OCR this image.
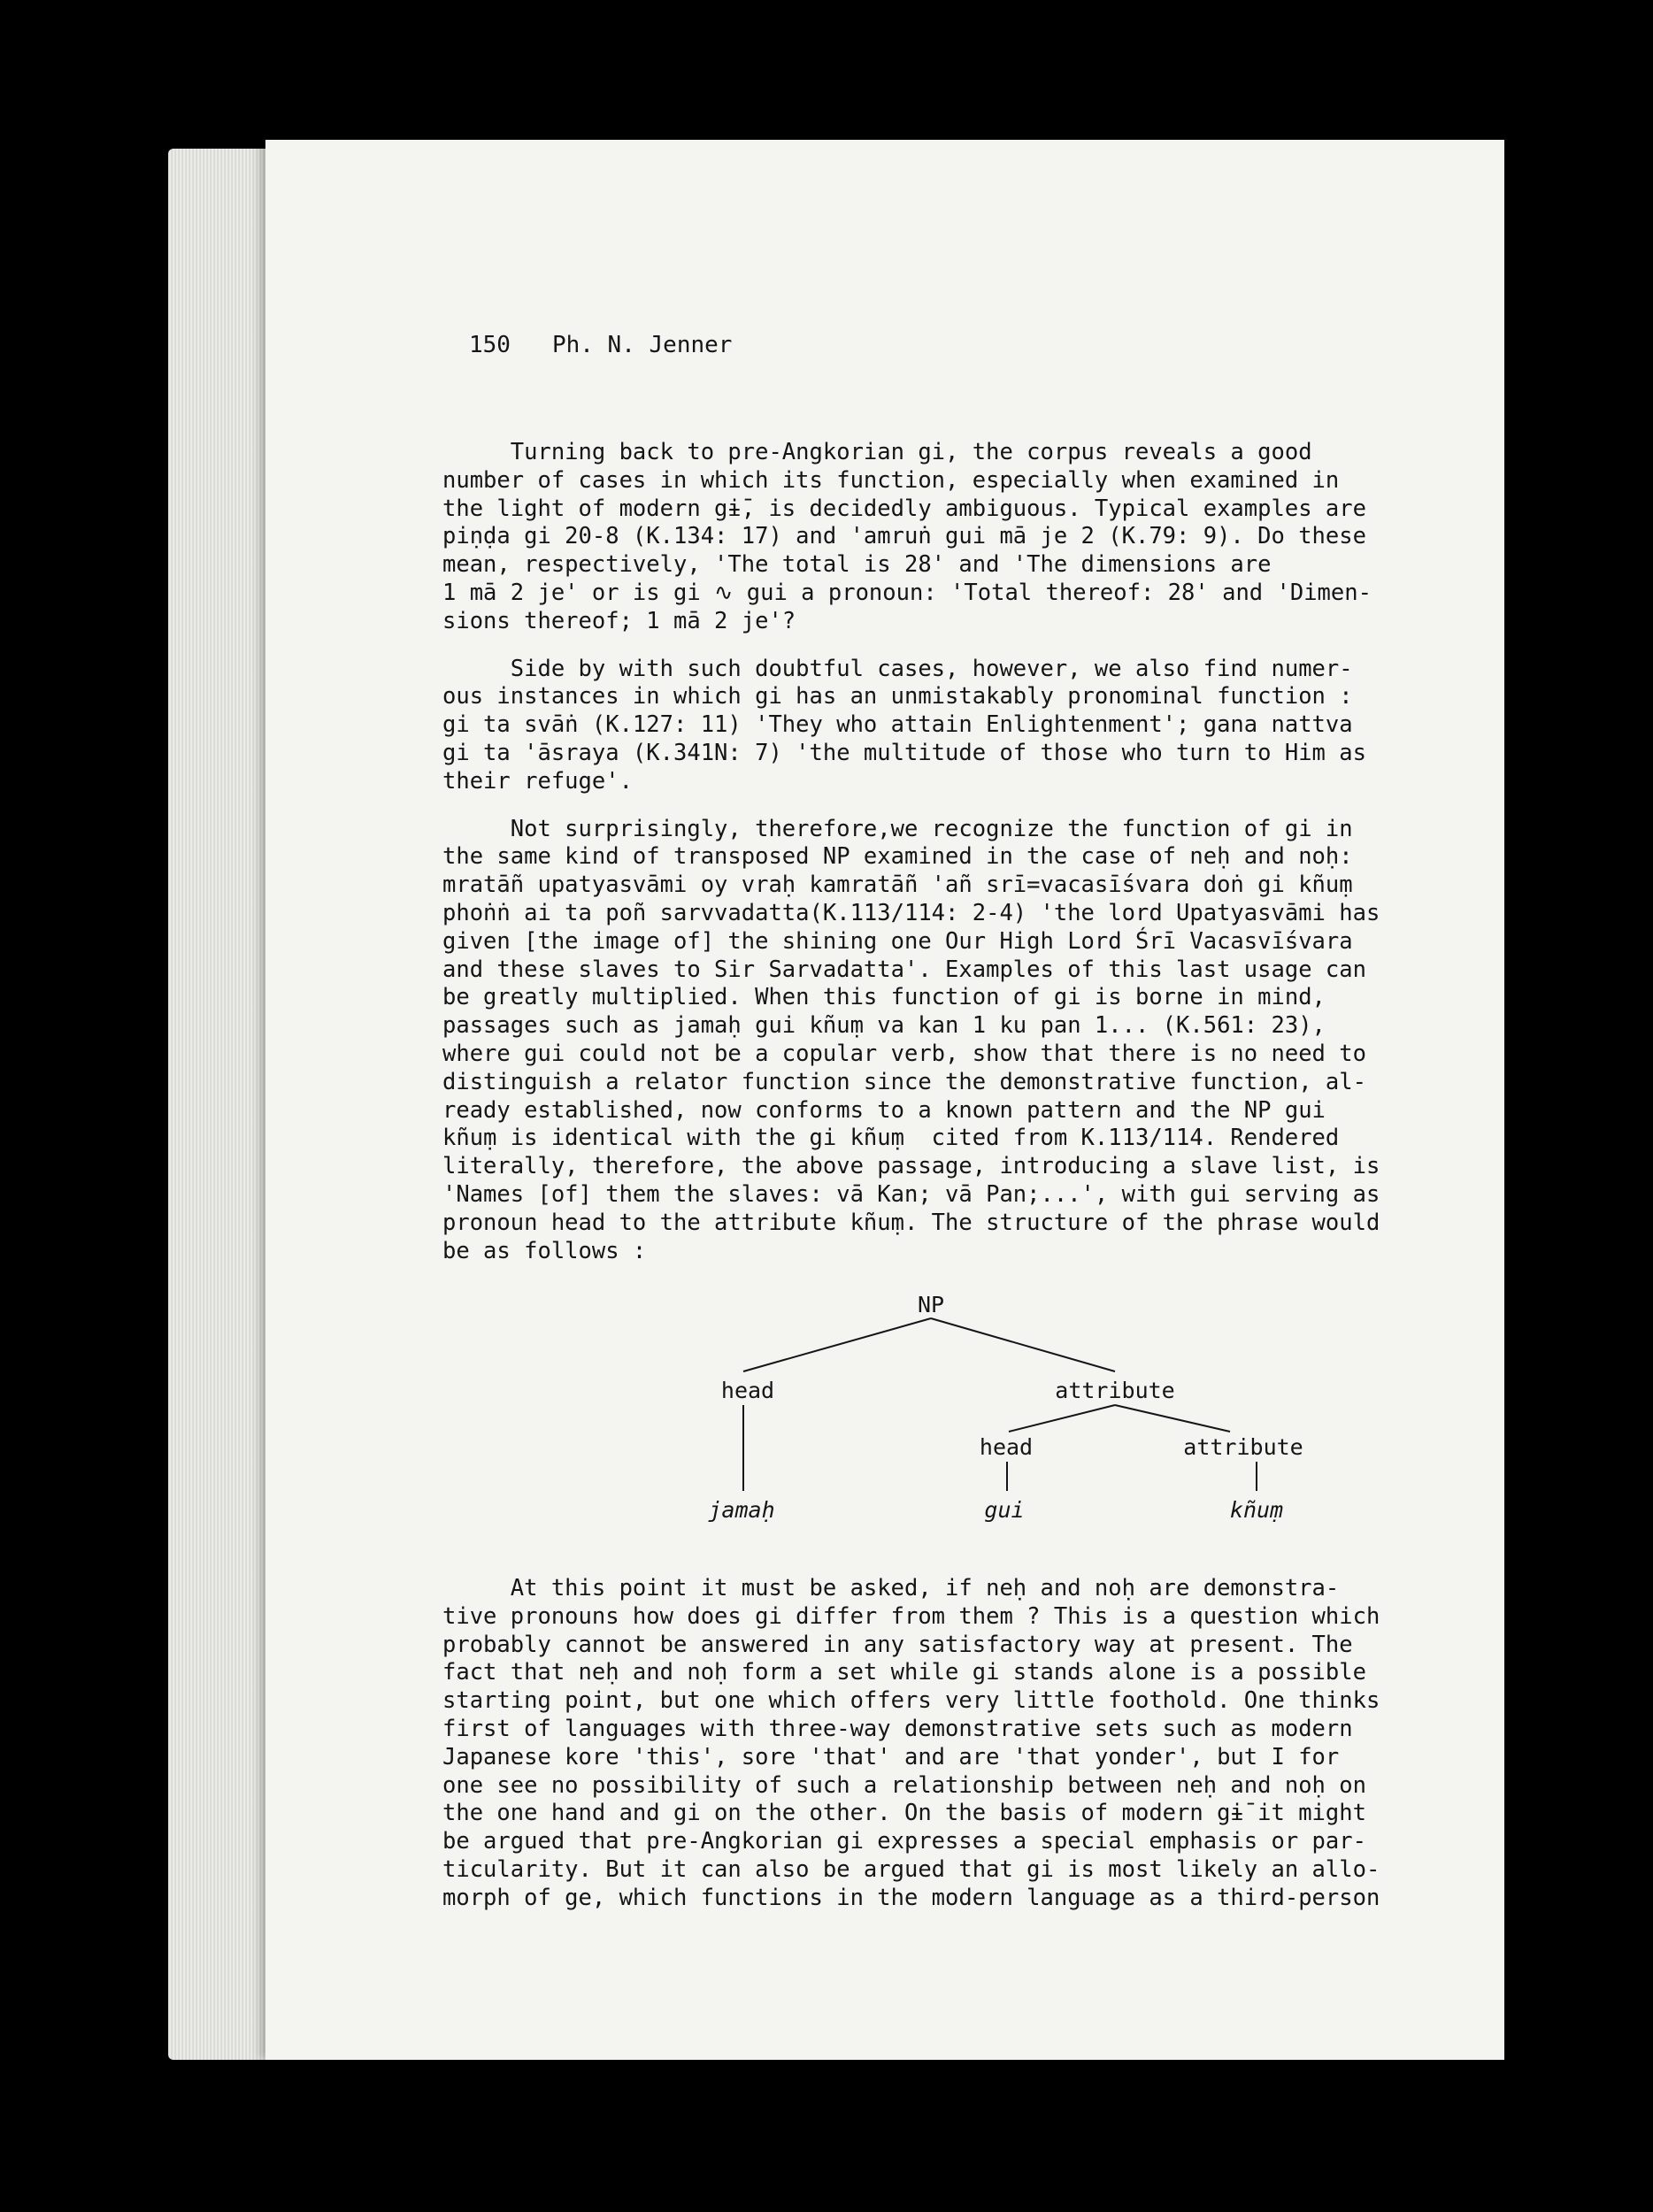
150 Ph. N. Jenner
Turning back to pre-Angkorian gi, the corpus reveals a good
number of cases in which its function, especially when examined in
the light of modern gɨ̄, is decidedly ambiguous. Typical examples are
piṇḍa gi 20-8 (K.134: 17) and 'amruṅ gui mā je 2 (K.79: 9). Do these
mean, respectively, 'The total is 28' and 'The dimensions are
1 mā 2 je' or is gi ∿ gui a pronoun: 'Total thereof: 28' and 'Dimen-
sions thereof; 1 mā 2 je'?
Side by with such doubtful cases, however, we also find numer-
ous instances in which gi has an unmistakably pronominal function :
gi ta svāṅ (K.127: 11) 'They who attain Enlightenment'; gana nattva
gi ta 'āsraya (K.341N: 7) 'the multitude of those who turn to Him as
their refuge'.
Not surprisingly, therefore,we recognize the function of gi in
the same kind of transposed NP examined in the case of neḥ and noḥ:
mratāñ upatyasvāmi oy vraḥ kamratāñ 'añ srī=vacasīśvara doṅ gi kñuṃ
phoṅṅ ai ta poñ sarvvadatta(K.113/114: 2-4) 'the lord Upatyasvāmi has
given [the image of] the shining one Our High Lord Śrī Vacasvīśvara
and these slaves to Sir Sarvadatta'. Examples of this last usage can
be greatly multiplied. When this function of gi is borne in mind,
passages such as jamaḥ gui kñuṃ va kan 1 ku pan 1... (K.561: 23),
where gui could not be a copular verb, show that there is no need to
distinguish a relator function since the demonstrative function, al-
ready established, now conforms to a known pattern and the NP gui
kñuṃ is identical with the gi kñuṃ  cited from K.113/114. Rendered
literally, therefore, the above passage, introducing a slave list, is
'Names [of] them the slaves: vā Kan; vā Pan;...', with gui serving as
pronoun head to the attribute kñuṃ. The structure of the phrase would
be as follows :
NP
head	attribute
head	attribute
jamaḥ	gui	kñuṃ
At this point it must be asked, if neḥ and noḥ are demonstra-
tive pronouns how does gi differ from them ? This is a question which
probably cannot be answered in any satisfactory way at present. The
fact that neḥ and noḥ form a set while gi stands alone is a possible
starting point, but one which offers very little foothold. One thinks
first of languages with three-way demonstrative sets such as modern
Japanese kore 'this', sore 'that' and are 'that yonder', but I for
one see no possibility of such a relationship between neḥ and noḥ on
the one hand and gi on the other. On the basis of modern gɨ̄ it might
be argued that pre-Angkorian gi expresses a special emphasis or par-
ticularity. But it can also be argued that gi is most likely an allo-
morph of ge, which functions in the modern language as a third-person
